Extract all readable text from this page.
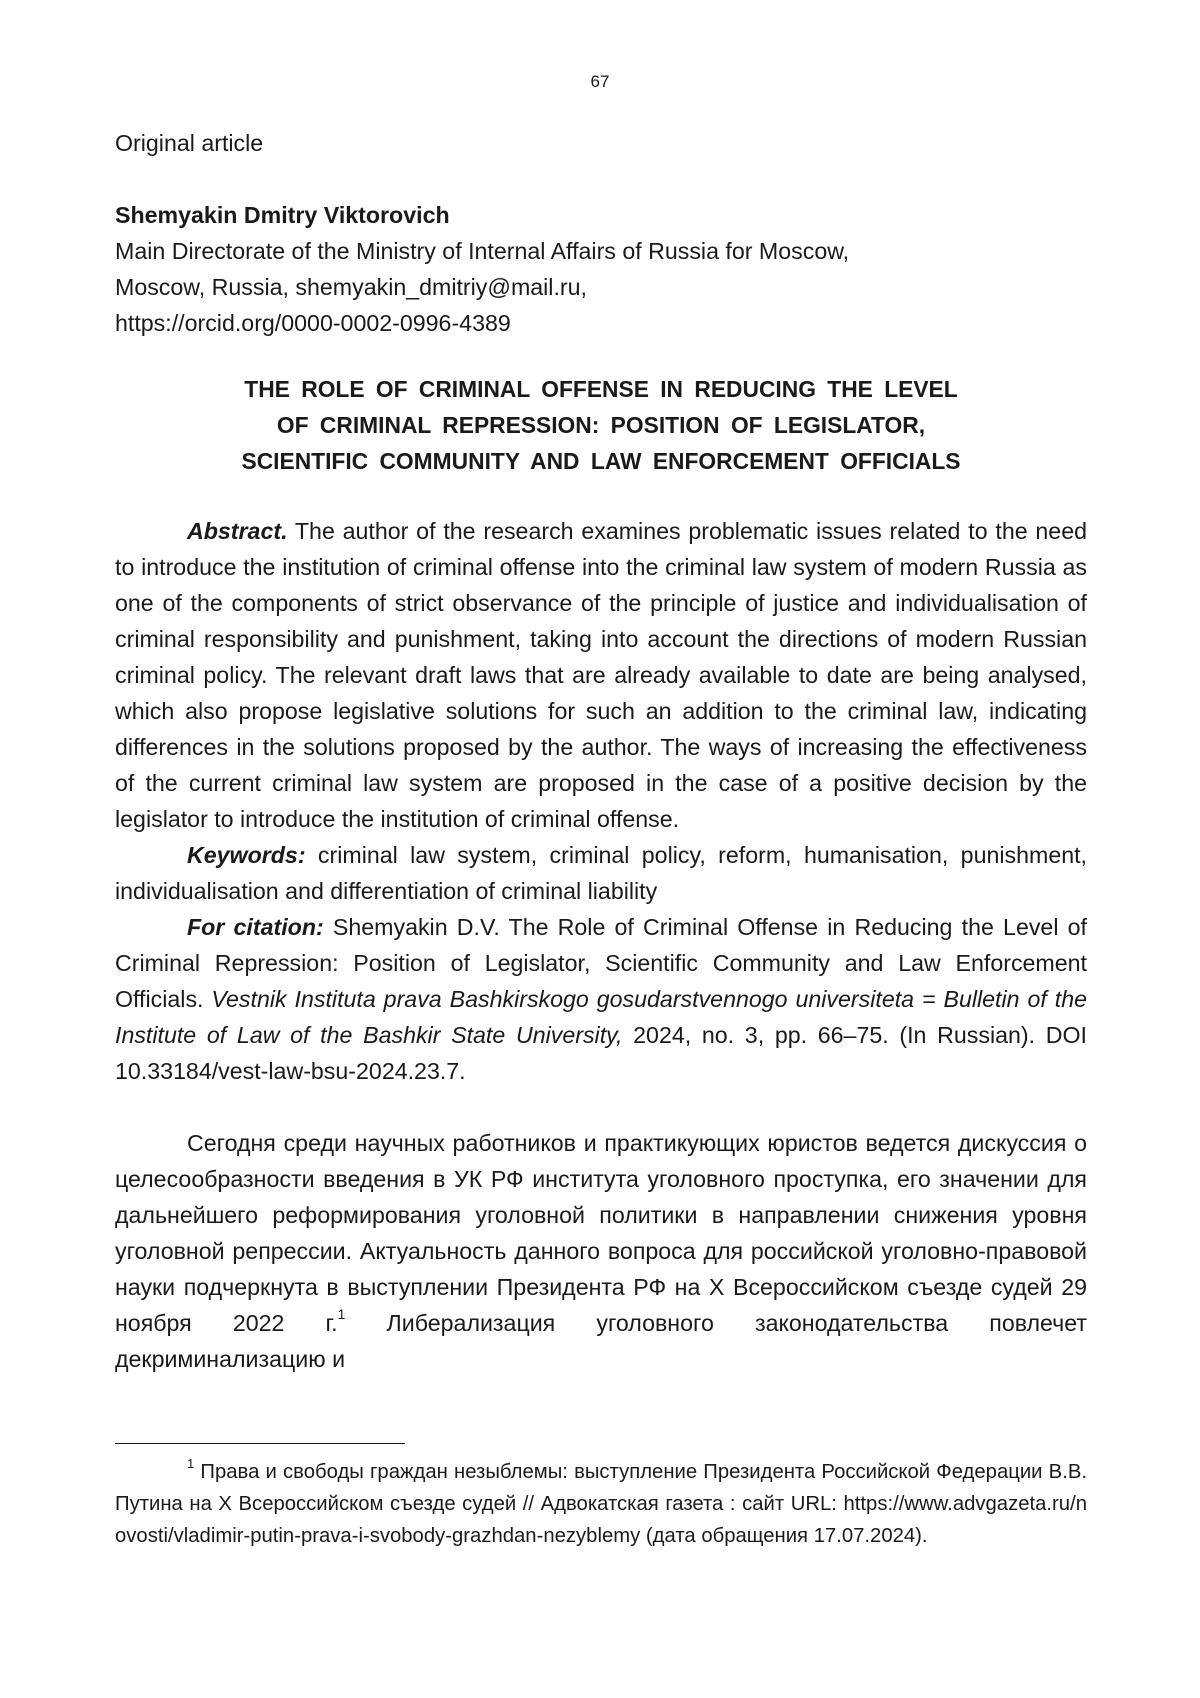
67
Original article
Shemyakin Dmitry Viktorovich
Main Directorate of the Ministry of Internal Affairs of Russia for Moscow,
Moscow, Russia, shemyakin_dmitriy@mail.ru,
https://orcid.org/0000-0002-0996-4389
THE ROLE OF CRIMINAL OFFENSE IN REDUCING THE LEVEL
OF CRIMINAL REPRESSION: POSITION OF LEGISLATOR,
SCIENTIFIC COMMUNITY AND LAW ENFORCEMENT OFFICIALS

Abstract. The author of the research examines problematic issues related to the need to introduce the institution of criminal offense into the criminal law system of modern Russia as one of the components of strict observance of the principle of justice and individualisation of criminal responsibility and punishment, taking into account the directions of modern Russian criminal policy. The relevant draft laws that are already available to date are being analysed, which also propose legislative solutions for such an addition to the criminal law, indicating differences in the solutions proposed by the author. The ways of increasing the effectiveness of the current criminal law system are proposed in the case of a positive decision by the legislator to introduce the institution of criminal offense.

Keywords: criminal law system, criminal policy, reform, humanisation, punishment, individualisation and differentiation of criminal liability

For citation: Shemyakin D.V. The Role of Criminal Offense in Reducing the Level of Criminal Repression: Position of Legislator, Scientific Community and Law Enforcement Officials. Vestnik Instituta prava Bashkirskogo gosudarstvennogo universiteta = Bulletin of the Institute of Law of the Bashkir State University, 2024, no. 3, pp. 66–75. (In Russian). DOI 10.33184/vest-law-bsu-2024.23.7.

Сегодня среди научных работников и практикующих юристов ведется дискуссия о целесообразности введения в УК РФ института уголовного проступка, его значении для дальнейшего реформирования уголовной политики в направлении снижения уровня уголовной репрессии. Актуальность данного вопроса для российской уголовно-правовой науки подчеркнута в выступлении Президента РФ на X Всероссийском съезде судей 29 ноября 2022 г.$^1$ Либерализация уголовного законодательства повлечет декриминализацию и

$^1$ Права и свободы граждан незыблемы: выступление Президента Российской Федерации В.В. Путина на X Всероссийском съезде судей // Адвокатская газета : сайт URL: https://www.advgazeta.ru/novosti/vladimir-putin-prava-i-svobody-grazhdan-nezyblemy (дата обращения 17.07.2024).
